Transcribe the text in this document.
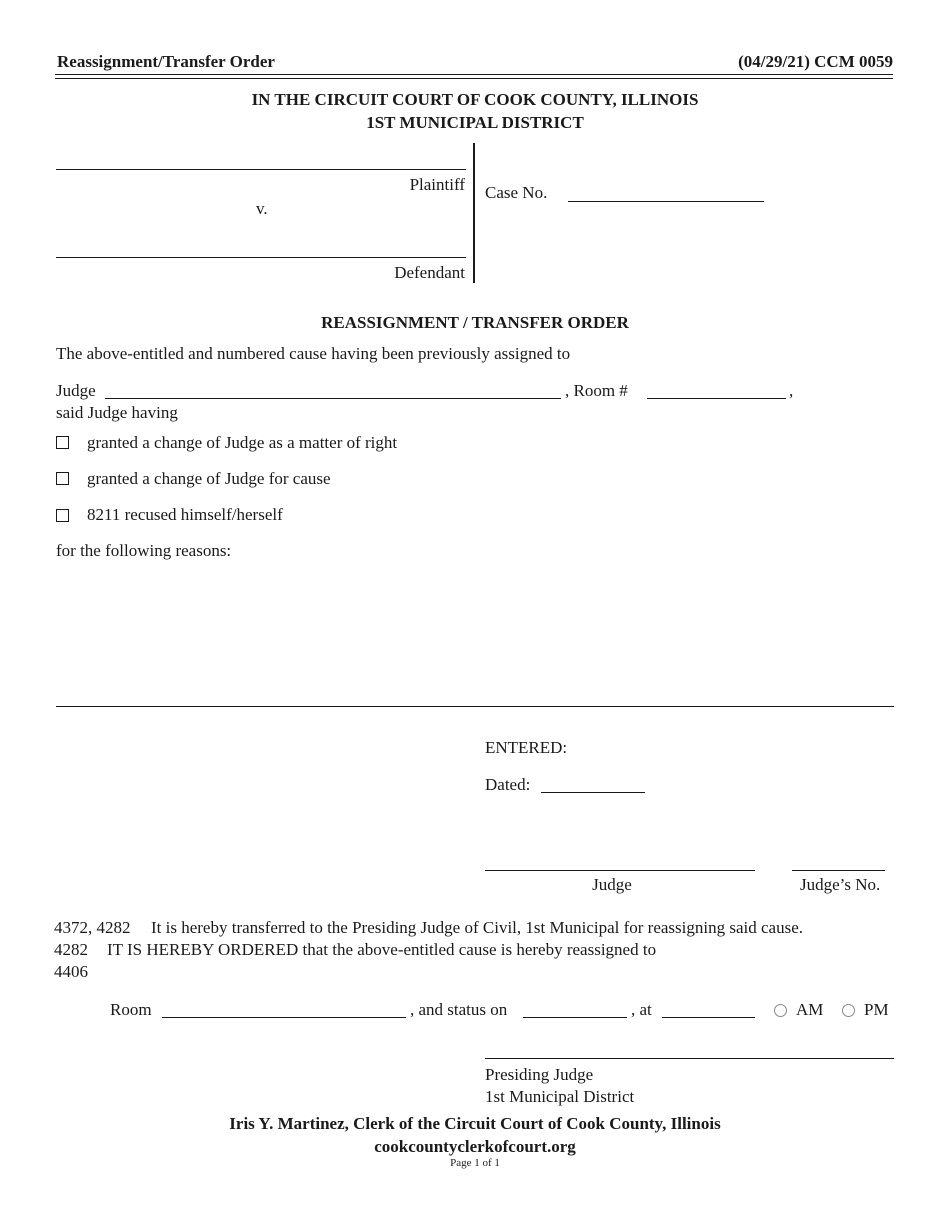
Reassignment/Transfer Order	(04/29/21) CCM 0059
IN THE CIRCUIT COURT OF COOK COUNTY, ILLINOIS
1ST MUNICIPAL DISTRICT
Plaintiff
v.
Defendant
Case No.
REASSIGNMENT / TRANSFER ORDER
The above-entitled and numbered cause having been previously assigned to
Judge	, Room #	,
said Judge having
granted a change of Judge as a matter of right
granted a change of Judge for cause
8211 recused himself/herself
for the following reasons:
ENTERED:
Dated:
Judge	Judge’s No.
4372, 4282 It is hereby transferred to the Presiding Judge of Civil, 1st Municipal for reassigning said cause.
4282 IT IS HEREBY ORDERED that the above-entitled cause is hereby reassigned to
4406
Room	, and status on	, at	AM PM
Presiding Judge
1st Municipal District
Iris Y. Martinez, Clerk of the Circuit Court of Cook County, Illinois
cookcountyclerkofcourt.org
Page 1 of 1
